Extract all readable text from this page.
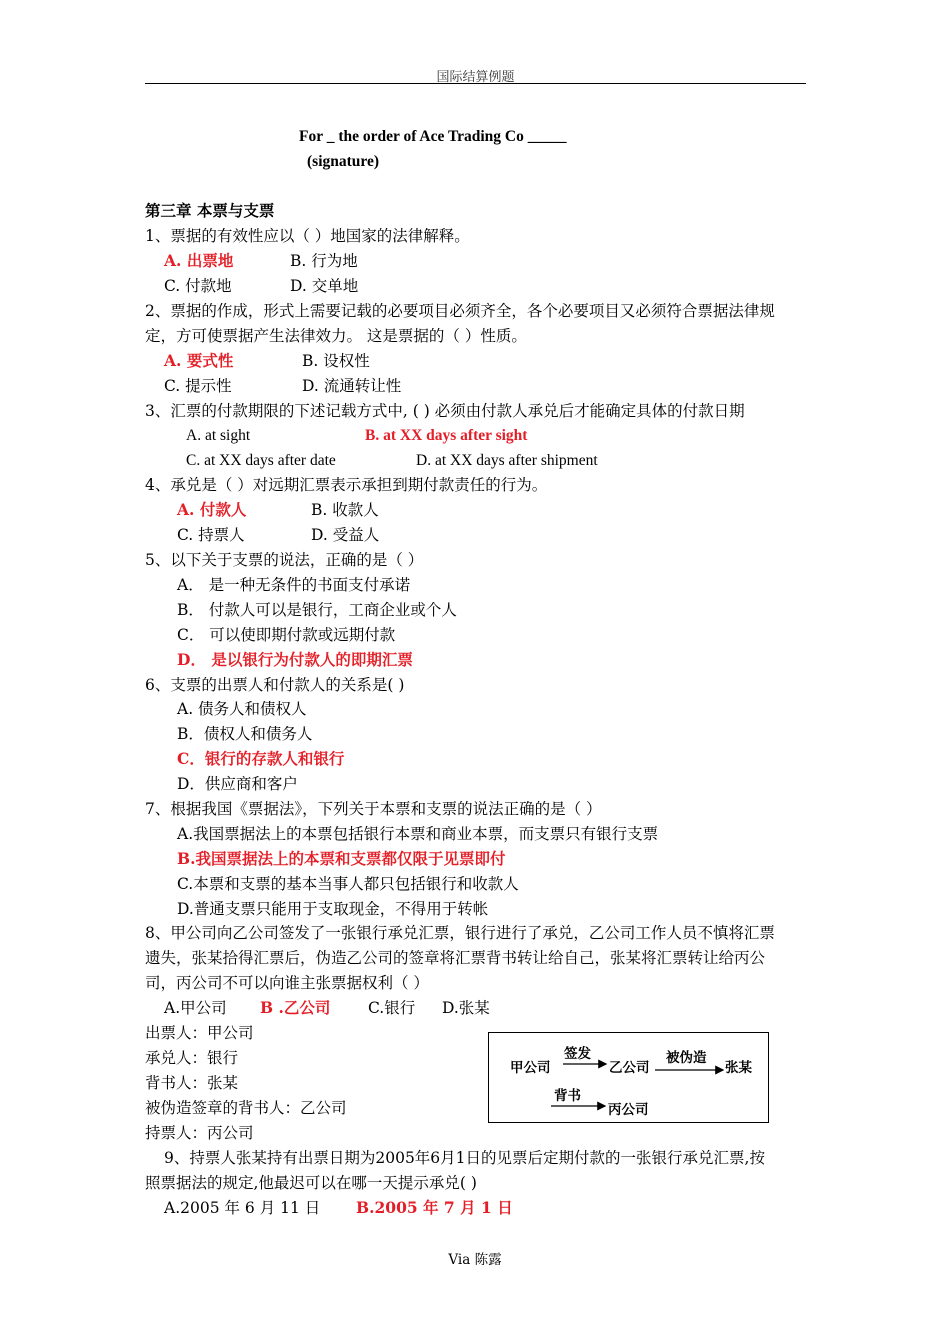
国际结算例题
For _ the order of Ace Trading Co _____
(signature)
第三章 本票与支票
1、票据的有效性应以（ ）地国家的法律解释。
A. 出票地	B. 行为地
C. 付款地	D. 交单地
2、票据的作成，形式上需要记载的必要项目必须齐全，各个必要项目又必须符合票据法律规
定，方可使票据产生法律效力。 这是票据的（ ）性质。
A. 要式性	B. 设权性
C. 提示性	D. 流通转让性
3、汇票的付款期限的下述记载方式中, ( ) 必须由付款人承兑后才能确定具体的付款日期
A. at sight	B. at XX days after sight
C. at XX days after date	D. at XX days after shipment
4、承兑是（ ）对远期汇票表示承担到期付款责任的行为。
A. 付款人	B. 收款人
C. 持票人	D. 受益人
5、以下关于支票的说法，正确的是（ ）
A． 是一种无条件的书面支付承诺
B． 付款人可以是银行，工商企业或个人
C． 可以使即期付款或远期付款
D． 是以银行为付款人的即期汇票
6、支票的出票人和付款人的关系是( )
A. 债务人和债权人
B．债权人和债务人
C．银行的存款人和银行
D．供应商和客户
7、根据我国《票据法》，下列关于本票和支票的说法正确的是（ ）
A.我国票据法上的本票包括银行本票和商业本票，而支票只有银行支票
B.我国票据法上的本票和支票都仅限于见票即付
C.本票和支票的基本当事人都只包括银行和收款人
D.普通支票只能用于支取现金，不得用于转帐
8、甲公司向乙公司签发了一张银行承兑汇票，银行进行了承兑，乙公司工作人员不慎将汇票
遗失，张某拾得汇票后，伪造乙公司的签章将汇票背书转让给自己，张某将汇票转让给丙公
司，丙公司不可以向谁主张票据权利（ ）
A.甲公司 B .乙公司 C.银行 D.张某
出票人：甲公司
承兑人：银行
背书人：张某
被伪造签章的背书人：乙公司
持票人：丙公司
甲公司
签发
乙公司
被伪造
张某
背书
丙公司
9、持票人张某持有出票日期为2005年6月1日的见票后定期付款的一张银行承兑汇票,按
照票据法的规定,他最迟可以在哪一天提示承兑( )
A.2005 年 6 月 11 日 B.2005 年 7 月 1 日
Via 陈露
